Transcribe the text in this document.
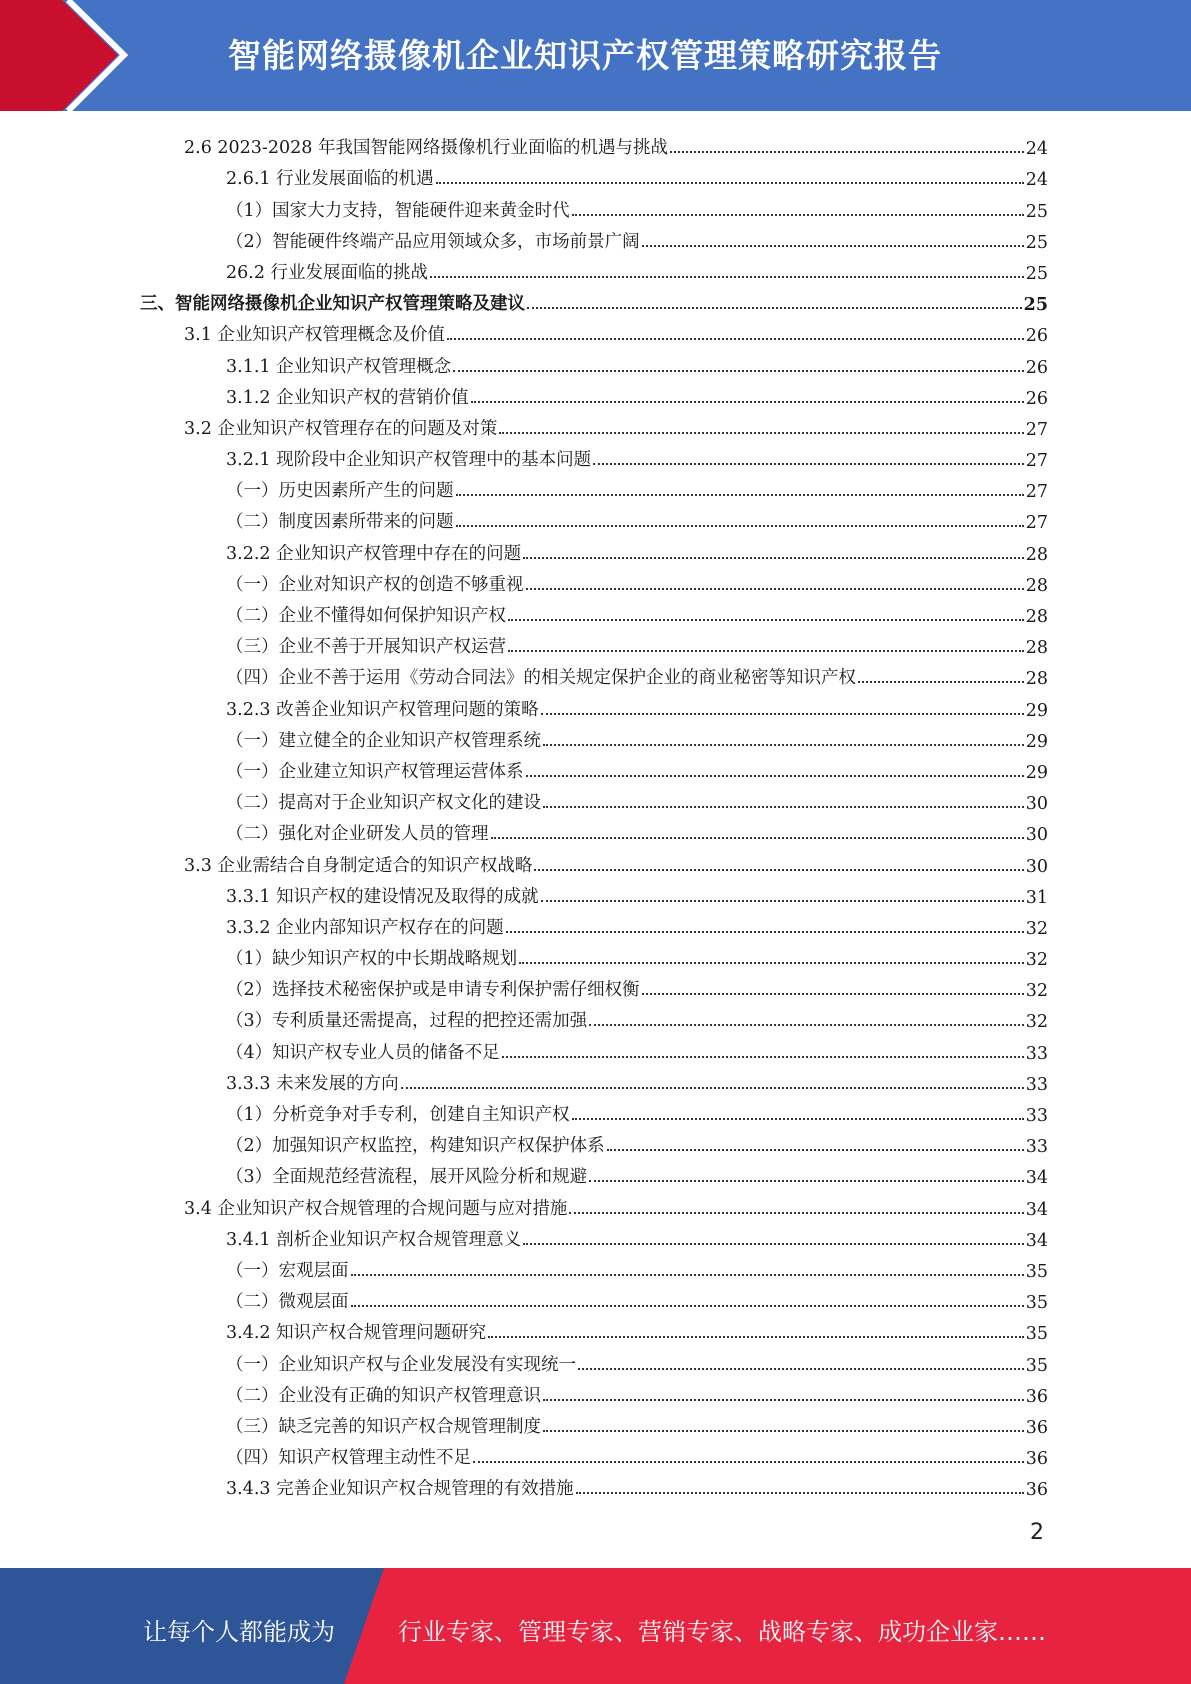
智能网络摄像机企业知识产权管理策略研究报告
2.6 2023-2028 年我国智能网络摄像机行业面临的机遇与挑战	24
2.6.1 行业发展面临的机遇	24
（1）国家大力支持，智能硬件迎来黄金时代	25
（2）智能硬件终端产品应用领域众多，市场前景广阔	25
26.2 行业发展面临的挑战	25
三、智能网络摄像机企业知识产权管理策略及建议	25
3.1 企业知识产权管理概念及价值	26
3.1.1 企业知识产权管理概念	26
3.1.2 企业知识产权的营销价值	26
3.2 企业知识产权管理存在的问题及对策	27
3.2.1 现阶段中企业知识产权管理中的基本问题	27
（一）历史因素所产生的问题	27
（二）制度因素所带来的问题	27
3.2.2 企业知识产权管理中存在的问题	28
（一）企业对知识产权的创造不够重视	28
（二）企业不懂得如何保护知识产权	28
（三）企业不善于开展知识产权运营	28
（四）企业不善于运用《劳动合同法》的相关规定保护企业的商业秘密等知识产权	28
3.2.3 改善企业知识产权管理问题的策略	29
（一）建立健全的企业知识产权管理系统	29
（一）企业建立知识产权管理运营体系	29
（二）提高对于企业知识产权文化的建设	30
（二）强化对企业研发人员的管理	30
3.3 企业需结合自身制定适合的知识产权战略	30
3.3.1 知识产权的建设情况及取得的成就	31
3.3.2 企业内部知识产权存在的问题	32
（1）缺少知识产权的中长期战略规划	32
（2）选择技术秘密保护或是申请专利保护需仔细权衡	32
（3）专利质量还需提高，过程的把控还需加强	32
（4）知识产权专业人员的储备不足	33
3.3.3 未来发展的方向	33
（1）分析竞争对手专利，创建自主知识产权	33
（2）加强知识产权监控，构建知识产权保护体系	33
（3）全面规范经营流程，展开风险分析和规避	34
3.4 企业知识产权合规管理的合规问题与应对措施	34
3.4.1 剖析企业知识产权合规管理意义	34
（一）宏观层面	35
（二）微观层面	35
3.4.2 知识产权合规管理问题研究	35
（一）企业知识产权与企业发展没有实现统一	35
（二）企业没有正确的知识产权管理意识	36
（三）缺乏完善的知识产权合规管理制度	36
（四）知识产权管理主动性不足	36
3.4.3 完善企业知识产权合规管理的有效措施	36
2
让每个人都能成为	行业专家、管理专家、营销专家、战略专家、成功企业家……
